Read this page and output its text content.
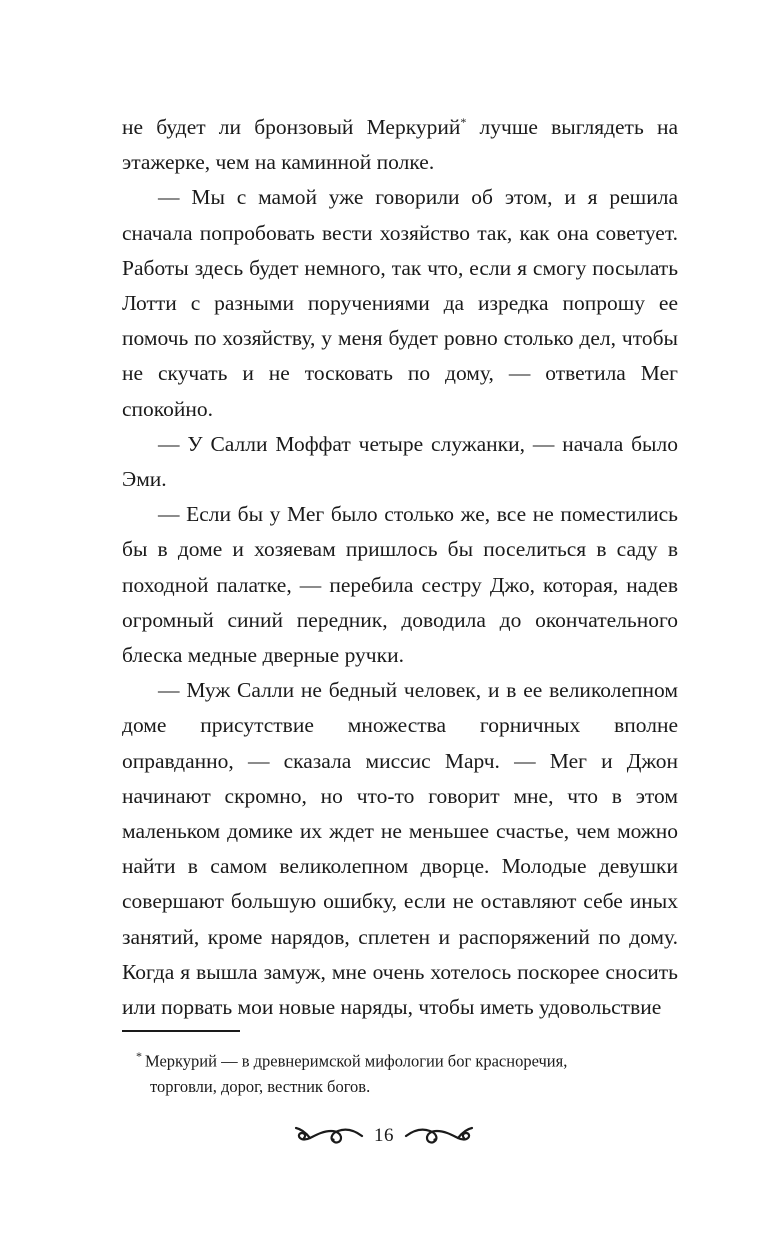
не будет ли бронзовый Меркурий* лучше выглядеть на этажерке, чем на каминной полке.

— Мы с мамой уже говорили об этом, и я решила сначала попробовать вести хозяйство так, как она советует. Работы здесь будет немного, так что, если я смогу посылать Лотти с разными поручениями да изредка попрошу ее помочь по хозяйству, у меня будет ровно столько дел, чтобы не скучать и не тосковать по дому, — ответила Мег спокойно.

— У Салли Моффат четыре служанки, — начала было Эми.

— Если бы у Мег было столько же, все не поместились бы в доме и хозяевам пришлось бы поселиться в саду в походной палатке, — перебила сестру Джо, которая, надев огромный синий передник, доводила до окончательного блеска медные дверные ручки.

— Муж Салли не бедный человек, и в ее великолепном доме присутствие множества горничных вполне оправданно, — сказала миссис Марч. — Мег и Джон начинают скромно, но что-то говорит мне, что в этом маленьком домике их ждет не меньшее счастье, чем можно найти в самом великолепном дворце. Молодые девушки совершают большую ошибку, если не оставляют себе иных занятий, кроме нарядов, сплетен и распоряжений по дому. Когда я вышла замуж, мне очень хотелось поскорее сносить или порвать мои новые наряды, чтобы иметь удовольствие

* Меркурий — в древнеримской мифологии бог красноречия,
торговли, дорог, вестник богов.
16
